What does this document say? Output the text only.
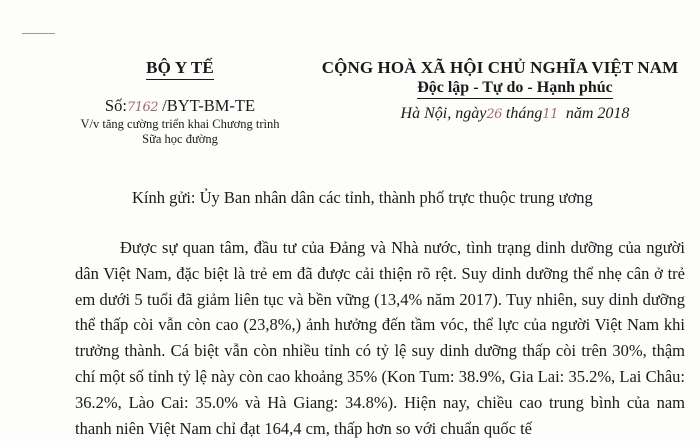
BỘ Y TẾ
Số:7162 /BYT-BM-TE
V/v tăng cường triển khai Chương trình
Sữa học đường
CỘNG HOÀ XÃ HỘI CHỦ NGHĨA VIỆT NAM
Độc lập - Tự do - Hạnh phúc
Hà Nội, ngày26 tháng11  năm 2018
Kính gửi: Ủy Ban nhân dân các tỉnh, thành phố trực thuộc trung ương
Được sự quan tâm, đầu tư của Đảng và Nhà nước, tình trạng dinh dưỡng của người dân Việt Nam, đặc biệt là trẻ em đã được cải thiện rõ rệt. Suy dinh dưỡng thể nhẹ cân ở trẻ em dưới 5 tuổi đã giảm liên tục và bền vững (13,4% năm 2017). Tuy nhiên, suy dinh dưỡng thể thấp còi vẫn còn cao (23,8%,) ảnh hưởng đến tầm vóc, thể lực của người Việt Nam khi trưởng thành. Cá biệt vẫn còn nhiều tỉnh có tỷ lệ suy dinh dưỡng thấp còi trên 30%, thậm chí một số tỉnh tỷ lệ này còn cao khoảng 35% (Kon Tum: 38.9%, Gia Lai: 35.2%, Lai Châu: 36.2%, Lào Cai: 35.0% và Hà Giang: 34.8%). Hiện nay, chiều cao trung bình của nam thanh niên Việt Nam chỉ đạt 164,4 cm, thấp hơn so với chuẩn quốc tế
